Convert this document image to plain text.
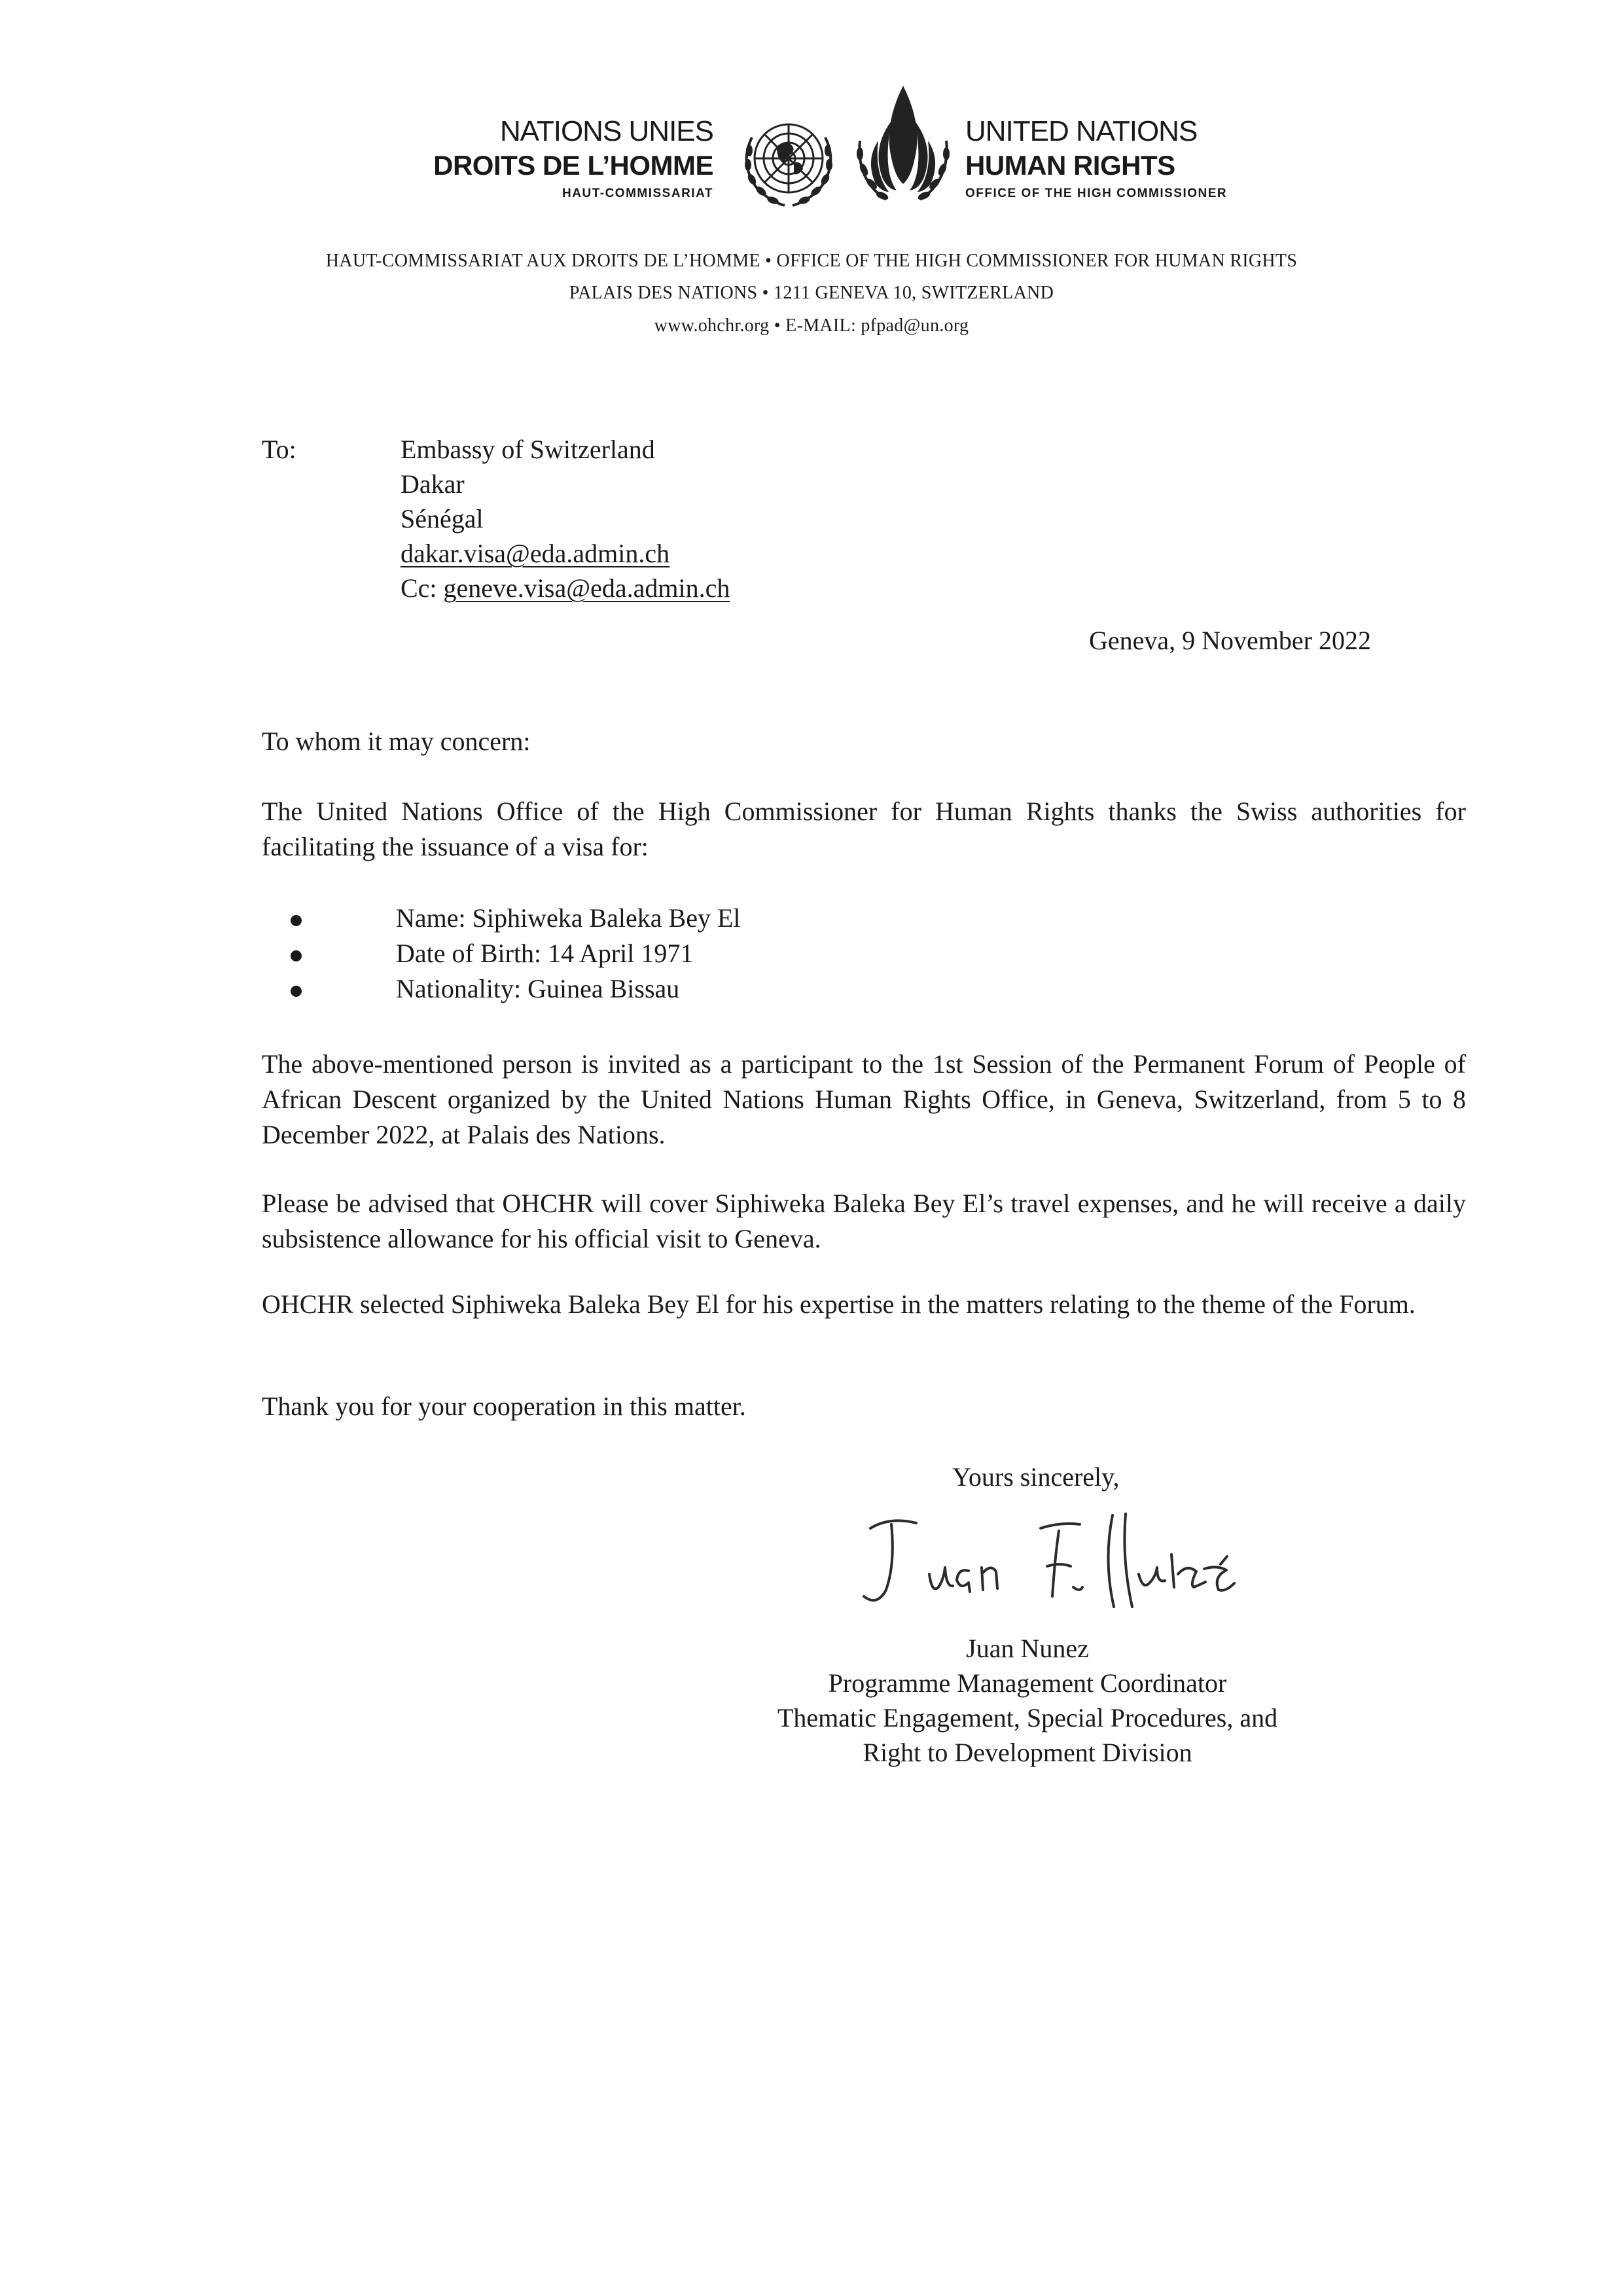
NATIONS UNIES
DROITS DE L’HOMME
HAUT-COMMISSARIAT
UNITED NATIONS
HUMAN RIGHTS
OFFICE OF THE HIGH COMMISSIONER
HAUT-COMMISSARIAT AUX DROITS DE L’HOMME • OFFICE OF THE HIGH COMMISSIONER FOR HUMAN RIGHTS
PALAIS DES NATIONS • 1211 GENEVA 10, SWITZERLAND
www.ohchr.org • E-MAIL: pfpad@un.org
To:	Embassy of Switzerland
Dakar
Sénégal
dakar.visa@eda.admin.ch
Cc: geneve.visa@eda.admin.ch
Geneva, 9 November 2022
To whom it may concern:
The United Nations Office of the High Commissioner for Human Rights thanks the Swiss authorities for facilitating the issuance of a visa for:
Name: Siphiweka Baleka Bey El
Date of Birth: 14 April 1971
Nationality: Guinea Bissau
The above-mentioned person is invited as a participant to the 1st Session of the Permanent Forum of People of African Descent organized by the United Nations Human Rights Office, in Geneva, Switzerland, from 5 to 8 December 2022, at Palais des Nations.
Please be advised that OHCHR will cover Siphiweka Baleka Bey El’s travel expenses, and he will receive a daily subsistence allowance for his official visit to Geneva.
OHCHR selected Siphiweka Baleka Bey El for his expertise in the matters relating to the theme of the Forum.
Thank you for your cooperation in this matter.
Yours sincerely,
Juan Nunez
Programme Management Coordinator
Thematic Engagement, Special Procedures, and
Right to Development Division
